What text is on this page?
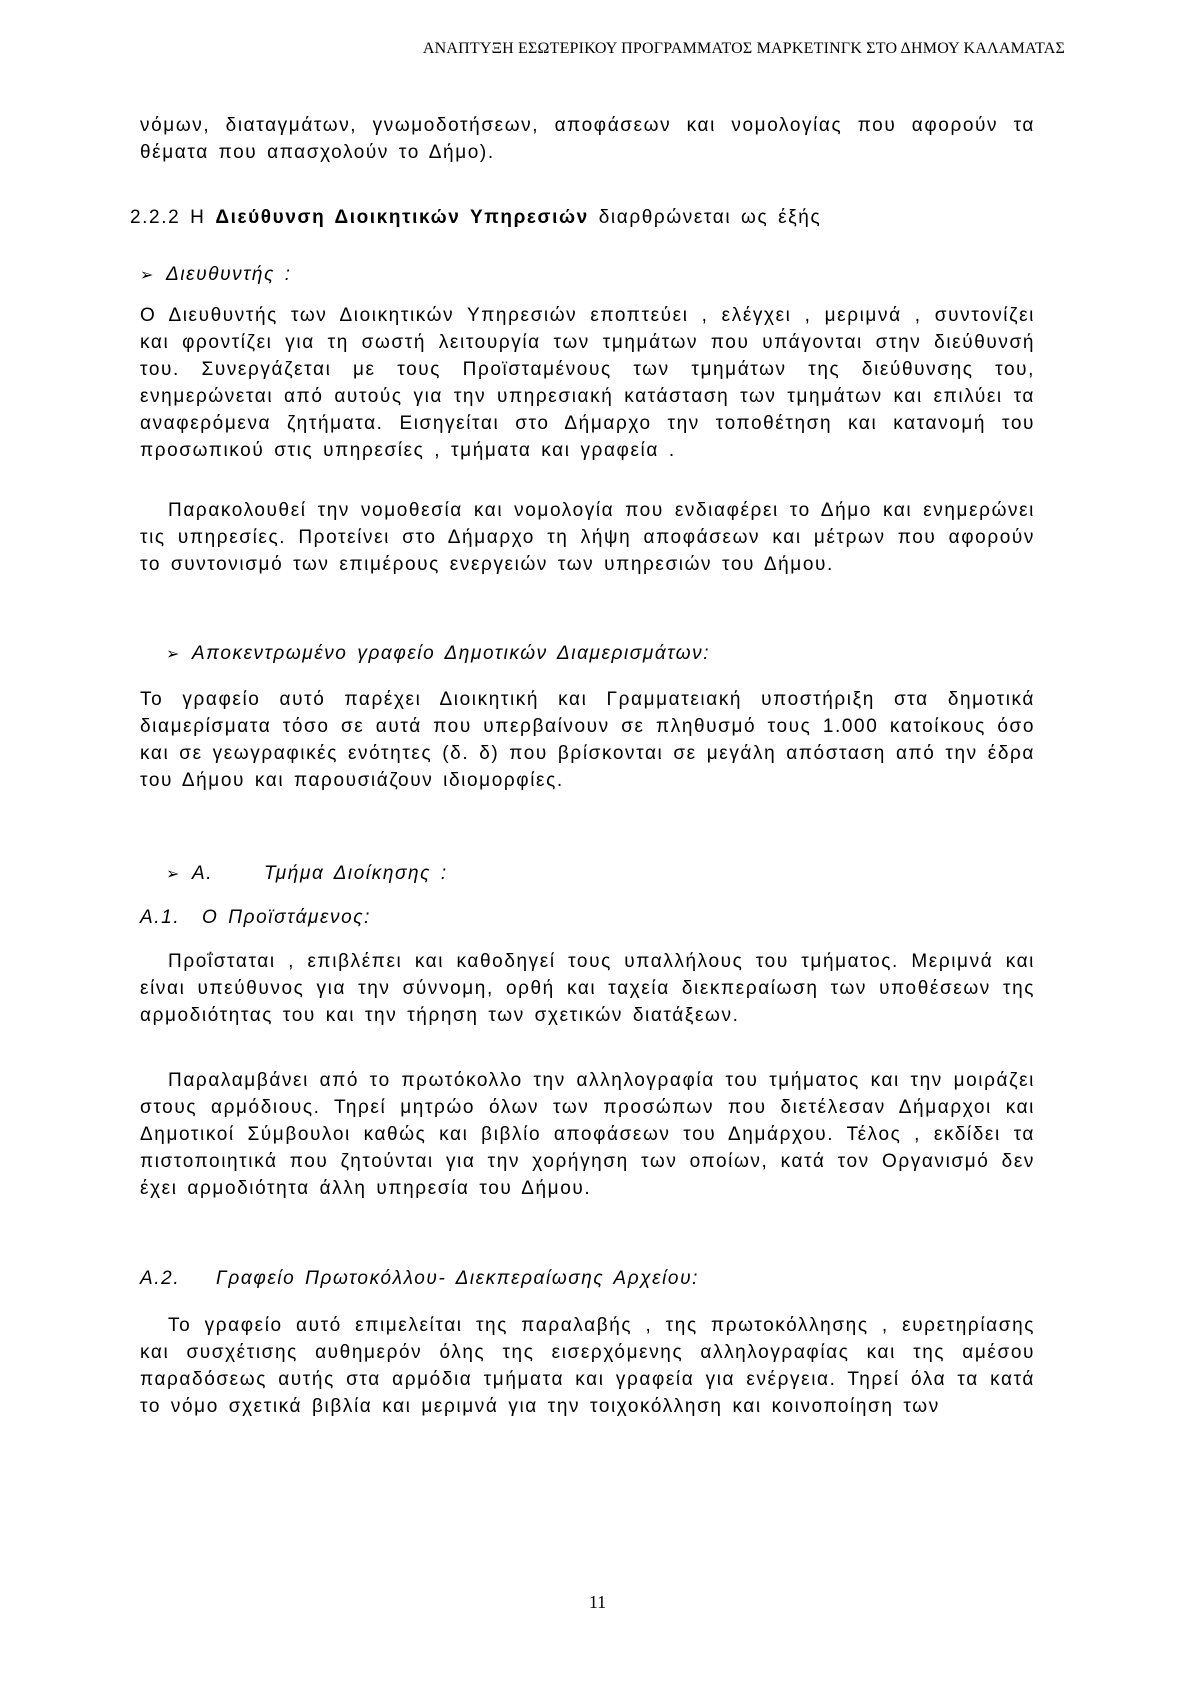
ΑΝΑΠΤΥΞΗ ΕΣΩΤΕΡΙΚΟΥ ΠΡΟΓΡΑΜΜΑΤΟΣ ΜΑΡΚΕΤΙΝΓΚ ΣΤΟ ΔΗΜΟΥ ΚΑΛΑΜΑΤΑΣ

νόμων, διαταγμάτων, γνωμοδοτήσεων, αποφάσεων και νομολογίας που αφορούν τα θέματα που απασχολούν το Δήμο).

2.2.2 Η Διεύθυνση Διοικητικών Υπηρεσιών διαρθρώνεται ως έξής

➢ Διευθυντής :

Ο Διευθυντής των Διοικητικών Υπηρεσιών εποπτεύει , ελέγχει , μεριμνά , συντονίζει και φροντίζει για τη σωστή λειτουργία των τμημάτων που υπάγονται στην διεύθυνσή του. Συνεργάζεται με τους Προϊσταμένους των τμημάτων της διεύθυνσης του, ενημερώνεται από αυτούς για την υπηρεσιακή κατάσταση των τμημάτων και επιλύει τα αναφερόμενα ζητήματα. Εισηγείται στο Δήμαρχο την τοποθέτηση και κατανομή του προσωπικού στις υπηρεσίες , τμήματα και γραφεία .

Παρακολουθεί την νομοθεσία και νομολογία που ενδιαφέρει το Δήμο και ενημερώνει τις υπηρεσίες. Προτείνει στο Δήμαρχο τη λήψη αποφάσεων και μέτρων που αφορούν το συντονισμό των επιμέρους ενεργειών των υπηρεσιών του Δήμου.

➢ Αποκεντρωμένο γραφείο Δημοτικών Διαμερισμάτων:

Το γραφείο αυτό παρέχει Διοικητική και Γραμματειακή υποστήριξη στα δημοτικά διαμερίσματα τόσο σε αυτά που υπερβαίνουν σε πληθυσμό τους 1.000 κατοίκους όσο και σε γεωγραφικές ενότητες (δ. δ) που βρίσκονται σε μεγάλη απόσταση από την έδρα του Δήμου και παρουσιάζουν ιδιομορφίες.

➢ Α.	Τμήμα Διοίκησης :

Α.1. Ο Προϊστάμενος:

Προΐσταται , επιβλέπει και καθοδηγεί τους υπαλλήλους του τμήματος. Μεριμνά και είναι υπεύθυνος για την σύννομη, ορθή και ταχεία διεκπεραίωση των υποθέσεων της αρμοδιότητας του και την τήρηση των σχετικών διατάξεων.

Παραλαμβάνει από το πρωτόκολλο την αλληλογραφία του τμήματος και την μοιράζει στους αρμόδιους. Τηρεί μητρώο όλων των προσώπων που διετέλεσαν Δήμαρχοι και Δημοτικοί Σύμβουλοι καθώς και βιβλίο αποφάσεων του Δημάρχου. Τέλος , εκδίδει τα πιστοποιητικά που ζητούνται για την χορήγηση των οποίων, κατά τον Οργανισμό δεν έχει αρμοδιότητα άλλη υπηρεσία του Δήμου.

Α.2. Γραφείο Πρωτοκόλλου- Διεκπεραίωσης Αρχείου:

Το γραφείο αυτό επιμελείται της παραλαβής , της πρωτοκόλλησης , ευρετηρίασης και συσχέτισης αυθημερόν όλης της εισερχόμενης αλληλογραφίας και της αμέσου παραδόσεως αυτής στα αρμόδια τμήματα και γραφεία για ενέργεια. Τηρεί όλα τα κατά το νόμο σχετικά βιβλία και μεριμνά για την τοιχοκόλληση και κοινοποίηση των

11
